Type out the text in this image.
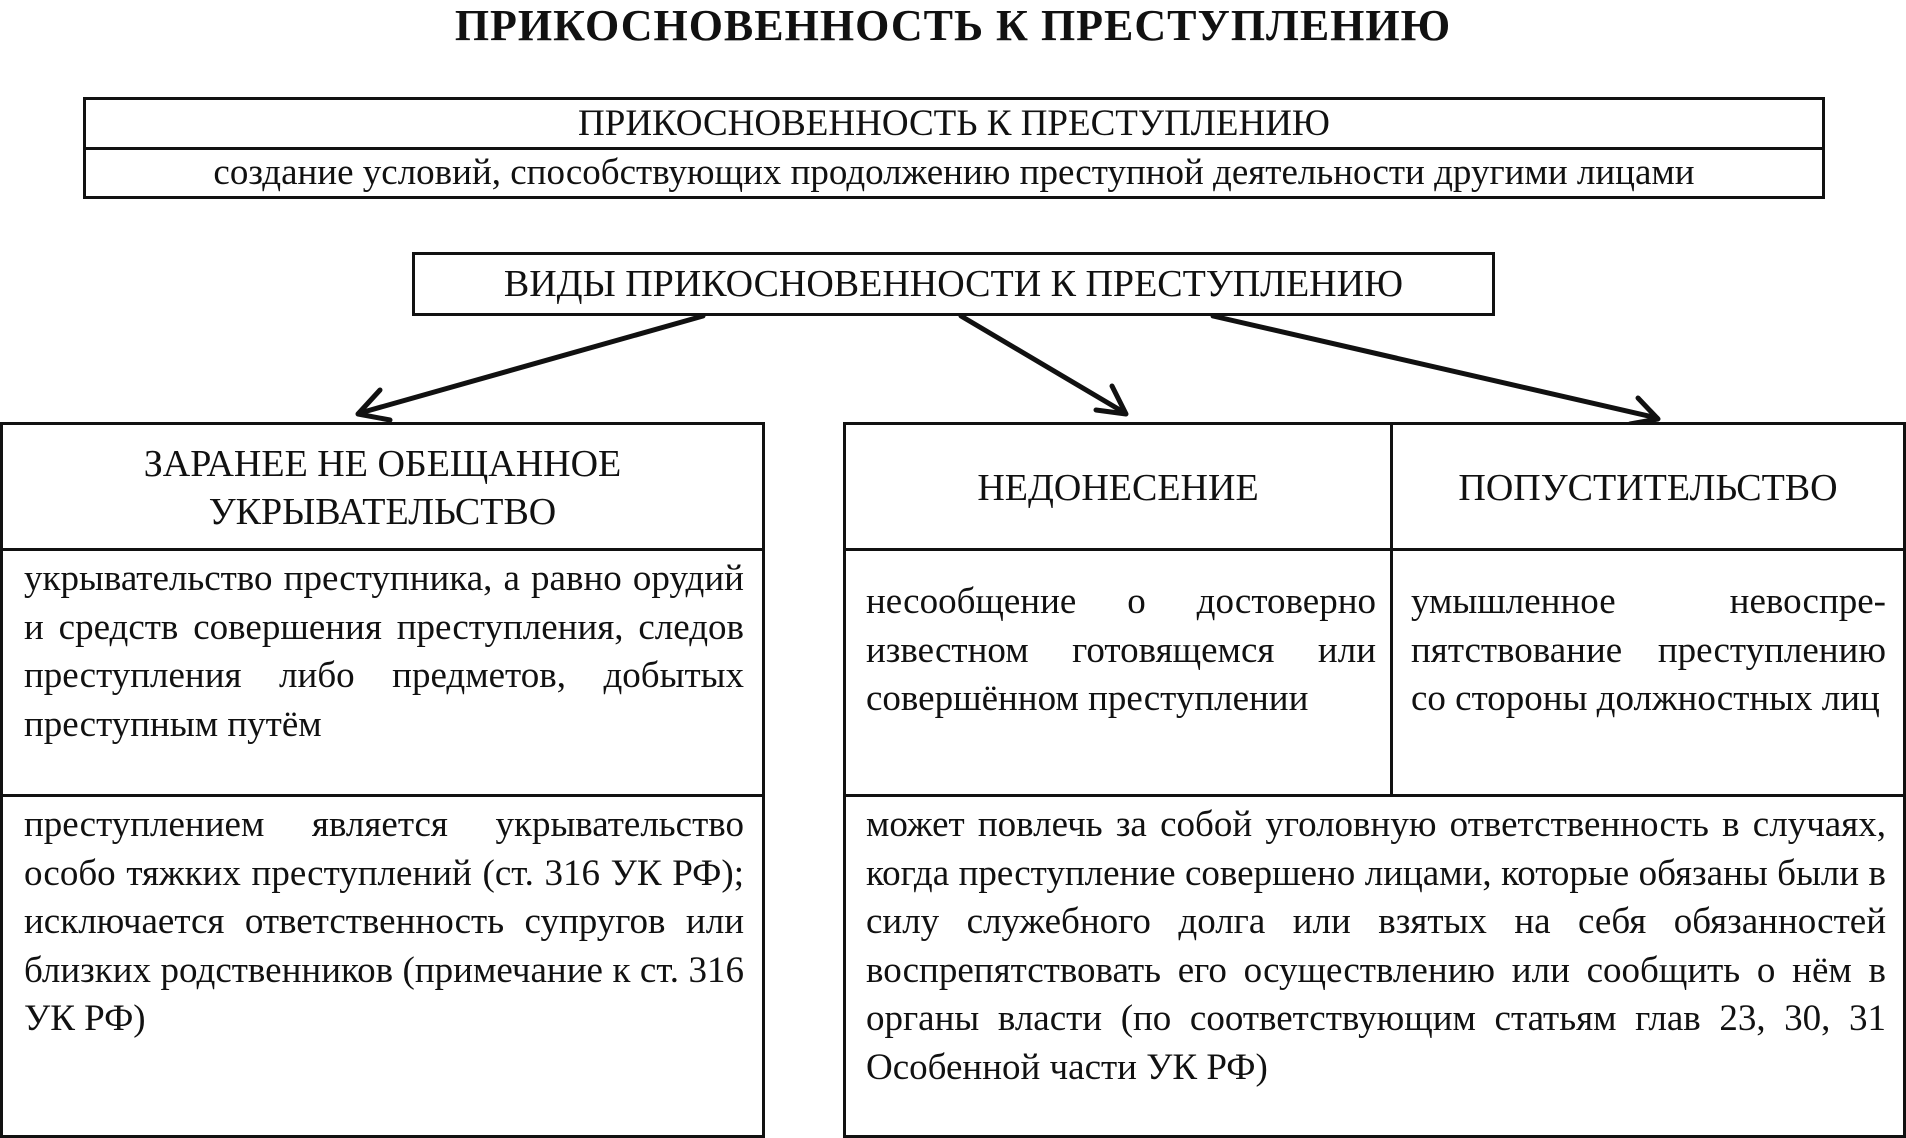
ПРИКОСНОВЕННОСТЬ К ПРЕСТУПЛЕНИЮ
ПРИКОСНОВЕННОСТЬ К ПРЕСТУПЛЕНИЮ
создание условий, способствующих продолжению преступной деятельности другими лицами
ВИДЫ ПРИКОСНОВЕННОСТИ К ПРЕСТУПЛЕНИЮ
ЗАРАНЕЕ НЕ ОБЕЩАННОЕ
УКРЫВАТЕЛЬСТВО
укрывательство преступника, а равно орудий и средств совершения преступления, следов преступления либо предметов, добытых преступным путём
преступлением является укрывательство особо тяжких преступлений (ст. 316 УК РФ); исключается ответственность супругов или близких родственников (примечание к ст. 316 УК РФ)
НЕДОНЕСЕНИЕ	ПОПУСТИТЕЛЬСТВО
несообщение о достоверно известном готовящемся или совершённом преступлении
умышленное невоспрепятствование преступлению со стороны должностных лиц
может повлечь за собой уголовную ответственность в случаях, когда преступление совершено лицами, которые обязаны были в силу служебного долга или взятых на себя обязанностей воспрепятствовать его осуществлению или сообщить о нём в органы власти (по соответствующим статьям глав 23, 30, 31 Особенной части УК РФ)
